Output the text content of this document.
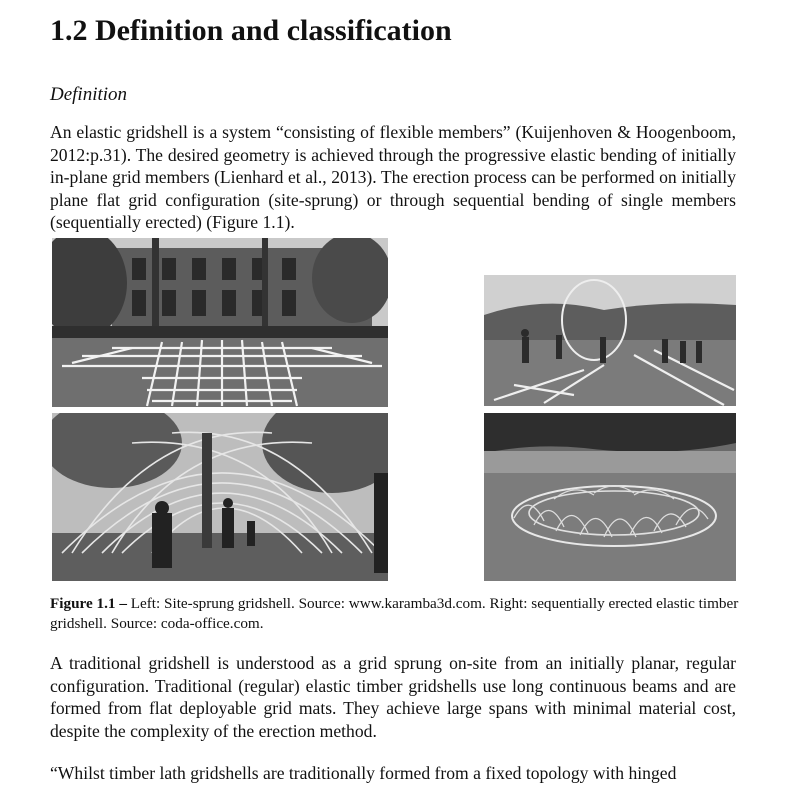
1.2 Definition and classification
Definition

An elastic gridshell is a system “consisting of flexible members” (Kuijenhoven & Hoogenboom, 2012:p.31). The desired geometry is achieved through the progressive elastic bending of initially in-plane grid members (Lienhard et al., 2013). The erection process can be performed on initially plane flat grid configuration (site-sprung) or through sequential bending of single members (sequentially erected) (Figure 1.1).

Figure 1.1 – Left: Site-sprung gridshell. Source: www.karamba3d.com. Right: sequentially erected elastic timber gridshell. Source: coda-office.com.

A traditional gridshell is understood as a grid sprung on-site from an initially planar, regular configuration. Traditional (regular) elastic timber gridshells use long continuous beams and are formed from flat deployable grid mats. They achieve large spans with minimal material cost, despite the complexity of the erection method.

“Whilst timber lath gridshells are traditionally formed from a fixed topology with hinged
